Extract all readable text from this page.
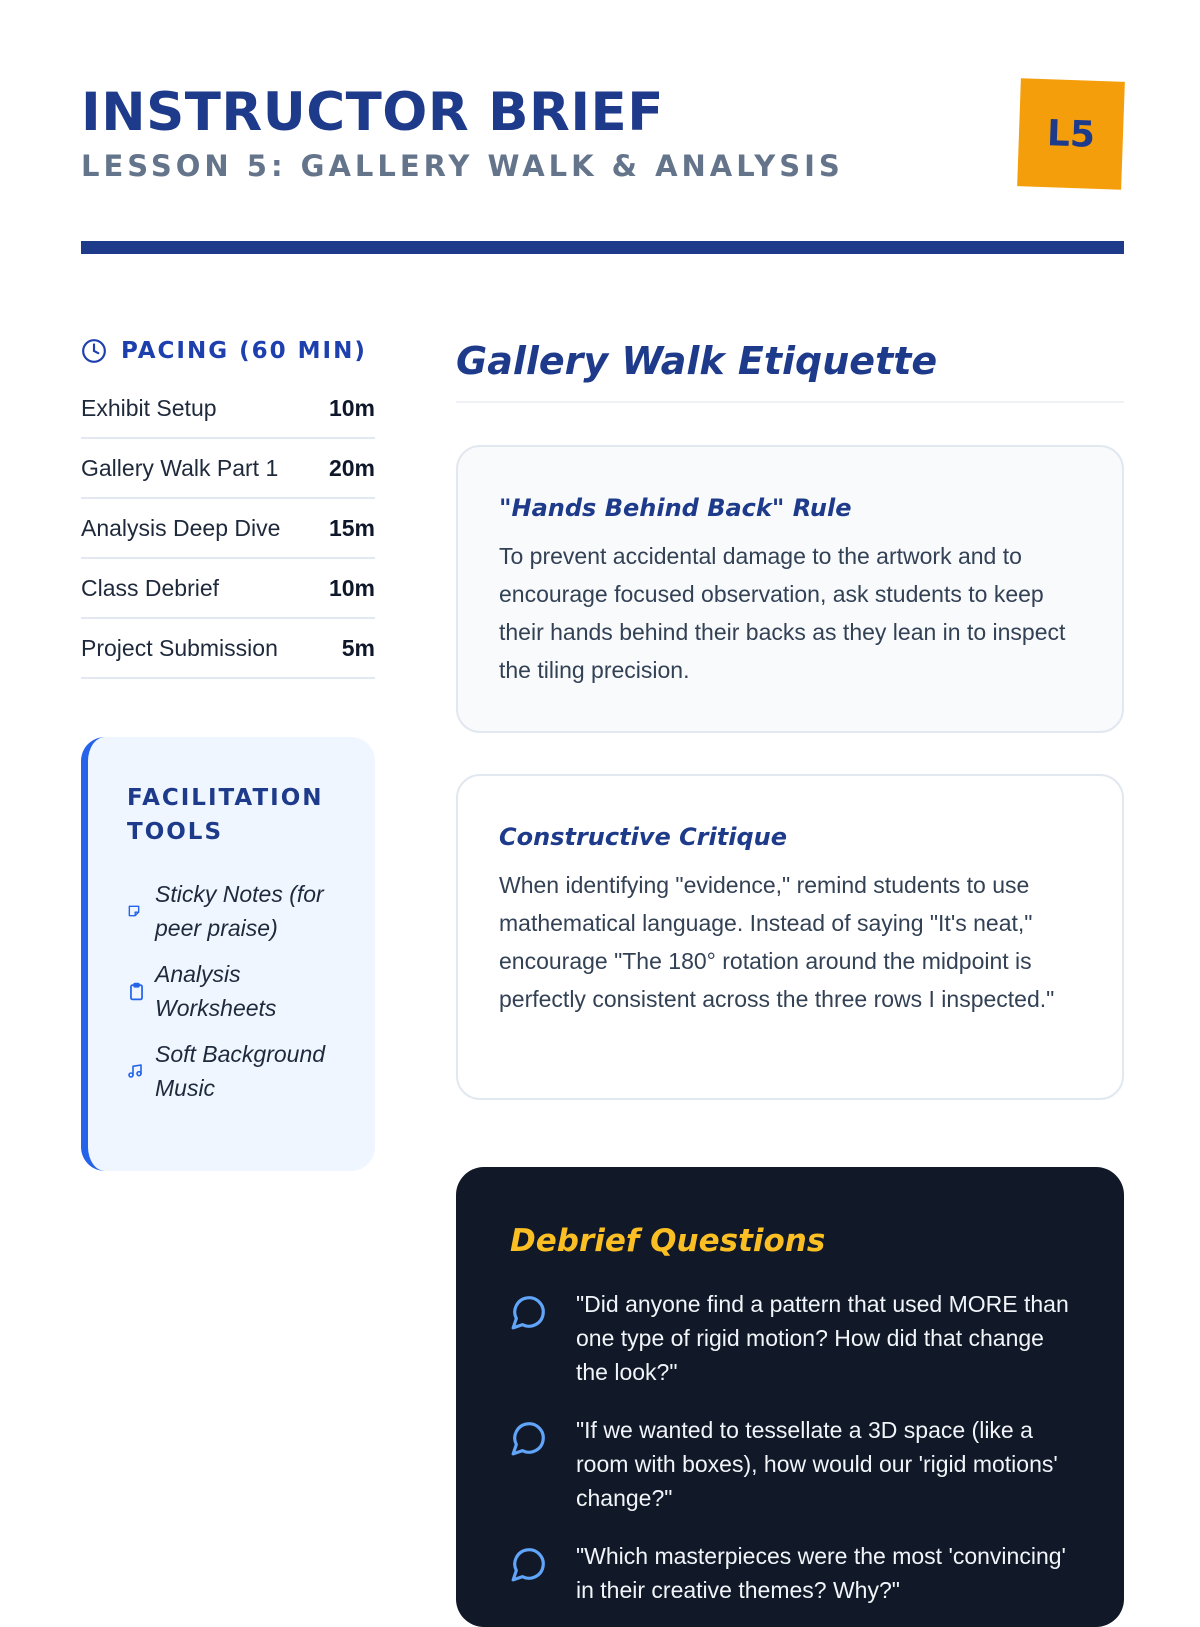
INSTRUCTOR BRIEF
LESSON 5: GALLERY WALK & ANALYSIS
L5
PACING (60 MIN)
Exhibit Setup	10m
Gallery Walk Part 1 20m
Analysis Deep Dive 15m
Class Debrief	10m
Project Submission	5m
FACILITATION TOOLS
Sticky Notes (for peer praise)
Analysis Worksheets
Soft Background Music
Gallery Walk Etiquette
"Hands Behind Back" Rule

To prevent accidental damage to the artwork and to encourage focused observation, ask students to keep their hands behind their backs as they lean in to inspect the tiling precision.

Constructive Critique

When identifying "evidence," remind students to use mathematical language. Instead of saying "It's neat," encourage "The 180° rotation around the midpoint is perfectly consistent across the three rows I inspected."

Debrief Questions
"Did anyone find a pattern that used MORE than one type of rigid motion? How did that change the look?"
"If we wanted to tessellate a 3D space (like a room with boxes), how would our 'rigid motions' change?"
"Which masterpieces were the most 'convincing' in their creative themes? Why?"
